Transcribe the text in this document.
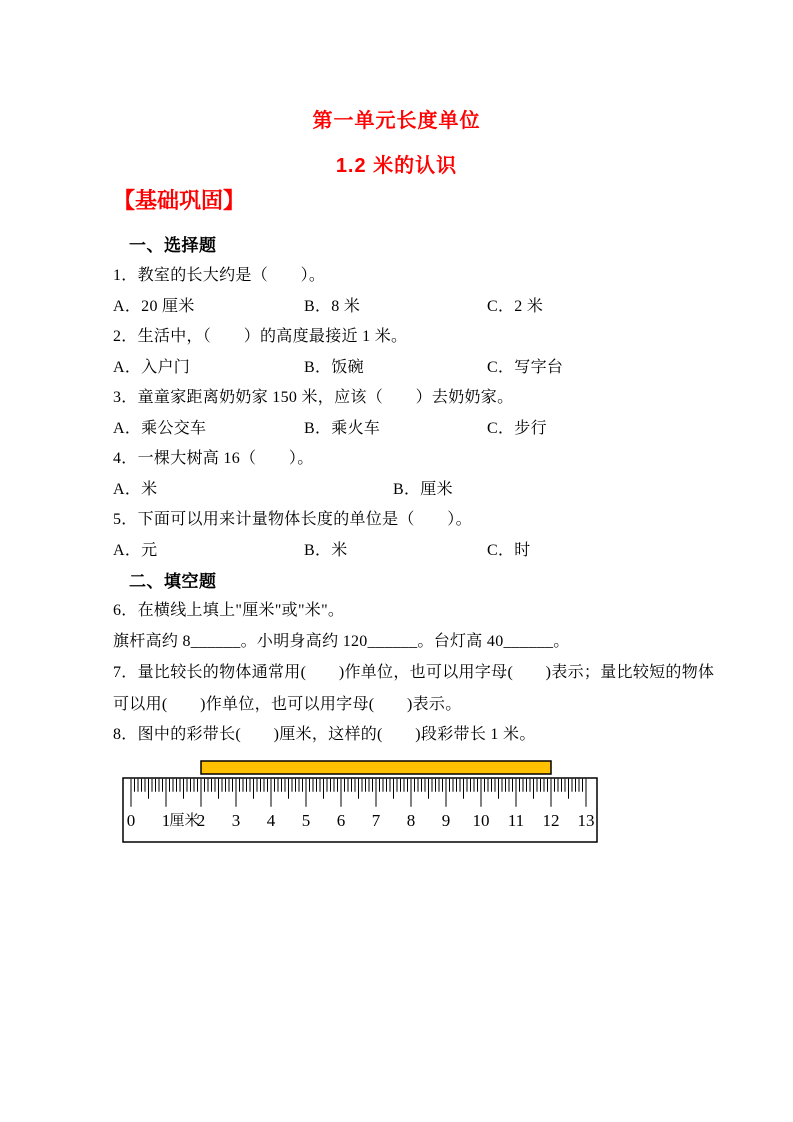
第一单元长度单位
1.2 米的认识
【基础巩固】
一、选择题
1．教室的长大约是（　　）。
A．20 厘米	B．8 米	C．2 米
2．生活中，（　　）的高度最接近 1 米。
A．入户门	B．饭碗	C．写字台
3．童童家距离奶奶家 150 米，应该（　　）去奶奶家。
A．乘公交车	B．乘火车	C．步行
4．一棵大树高 16（　　）。
A．米	B．厘米
5．下面可以用来计量物体长度的单位是（　　）。
A．元	B．米	C．时
二、填空题
6．在横线上填上"厘米"或"米"。
旗杆高约 8______。小明身高约 120______。台灯高 40______。
7．量比较长的物体通常用(　　)作单位，也可以用字母(　　)表示；量比较短的物体
可以用(　　)作单位，也可以用字母(　　)表示。
8．图中的彩带长(　　)厘米，这样的(　　)段彩带长 1 米。
0 1 2 3 4 5 6 7 8 9 10 11 12 13
厘米
